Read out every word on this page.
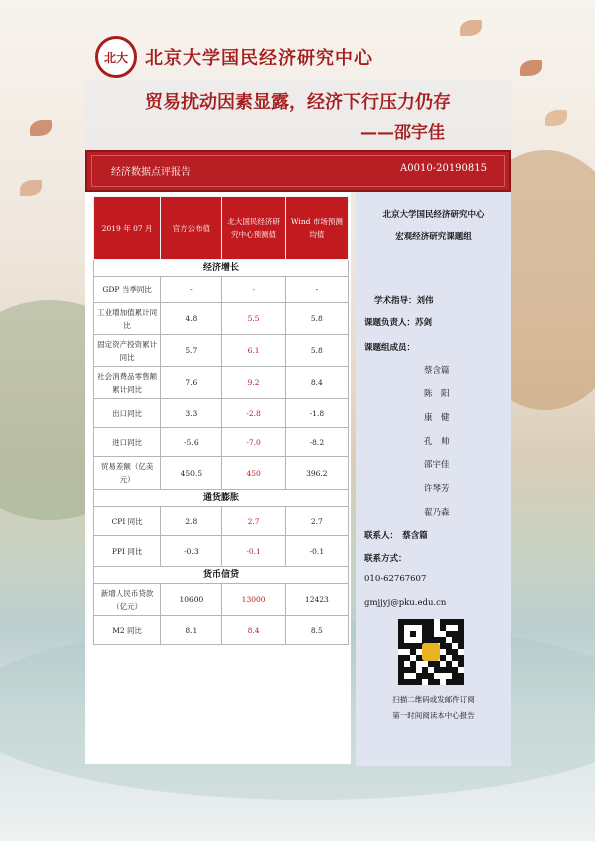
北大 北京大学国民经济研究中心
贸易扰动因素显露，经济下行压力仍存
——邵宇佳
经济数据点评报告	A0010-20190815
2019 年 07 月	官方公布值	北大国民经济研究中心预测值	Wind 市场预测均值
经济增长			
GDP 当季同比	-	-	-
工业增加值累计同比	4.8	5.5	5.8
固定资产投资累计同比	5.7	6.1	5.8
社会消费品零售额累计同比	7.6	9.2	8.4
出口同比	3.3	-2.8	-1.8
进口同比	-5.6	-7.0	-8.2
贸易差额（亿美元）	450.5	450	396.2
通货膨胀			
CPI 同比	2.8	2.7	2.7
PPI 同比	-0.3	-0.1	-0.1
货币信贷			
新增人民币贷款（亿元）	10600	13000	12423
M2 同比	8.1	8.4	8.5
北京大学国民经济研究中心
宏观经济研究课题组
学术指导：刘伟
课题负责人：苏剑
课题组成员：
蔡含篇
陈　阳
康　健
孔　帅
邵宇佳
许琴芳
翟乃森
联系人：　蔡含篇
联系方式：
010-62767607
gmjjyj@pku.edu.cn
扫描二维码或发邮件订阅
第一时间阅读本中心报告
